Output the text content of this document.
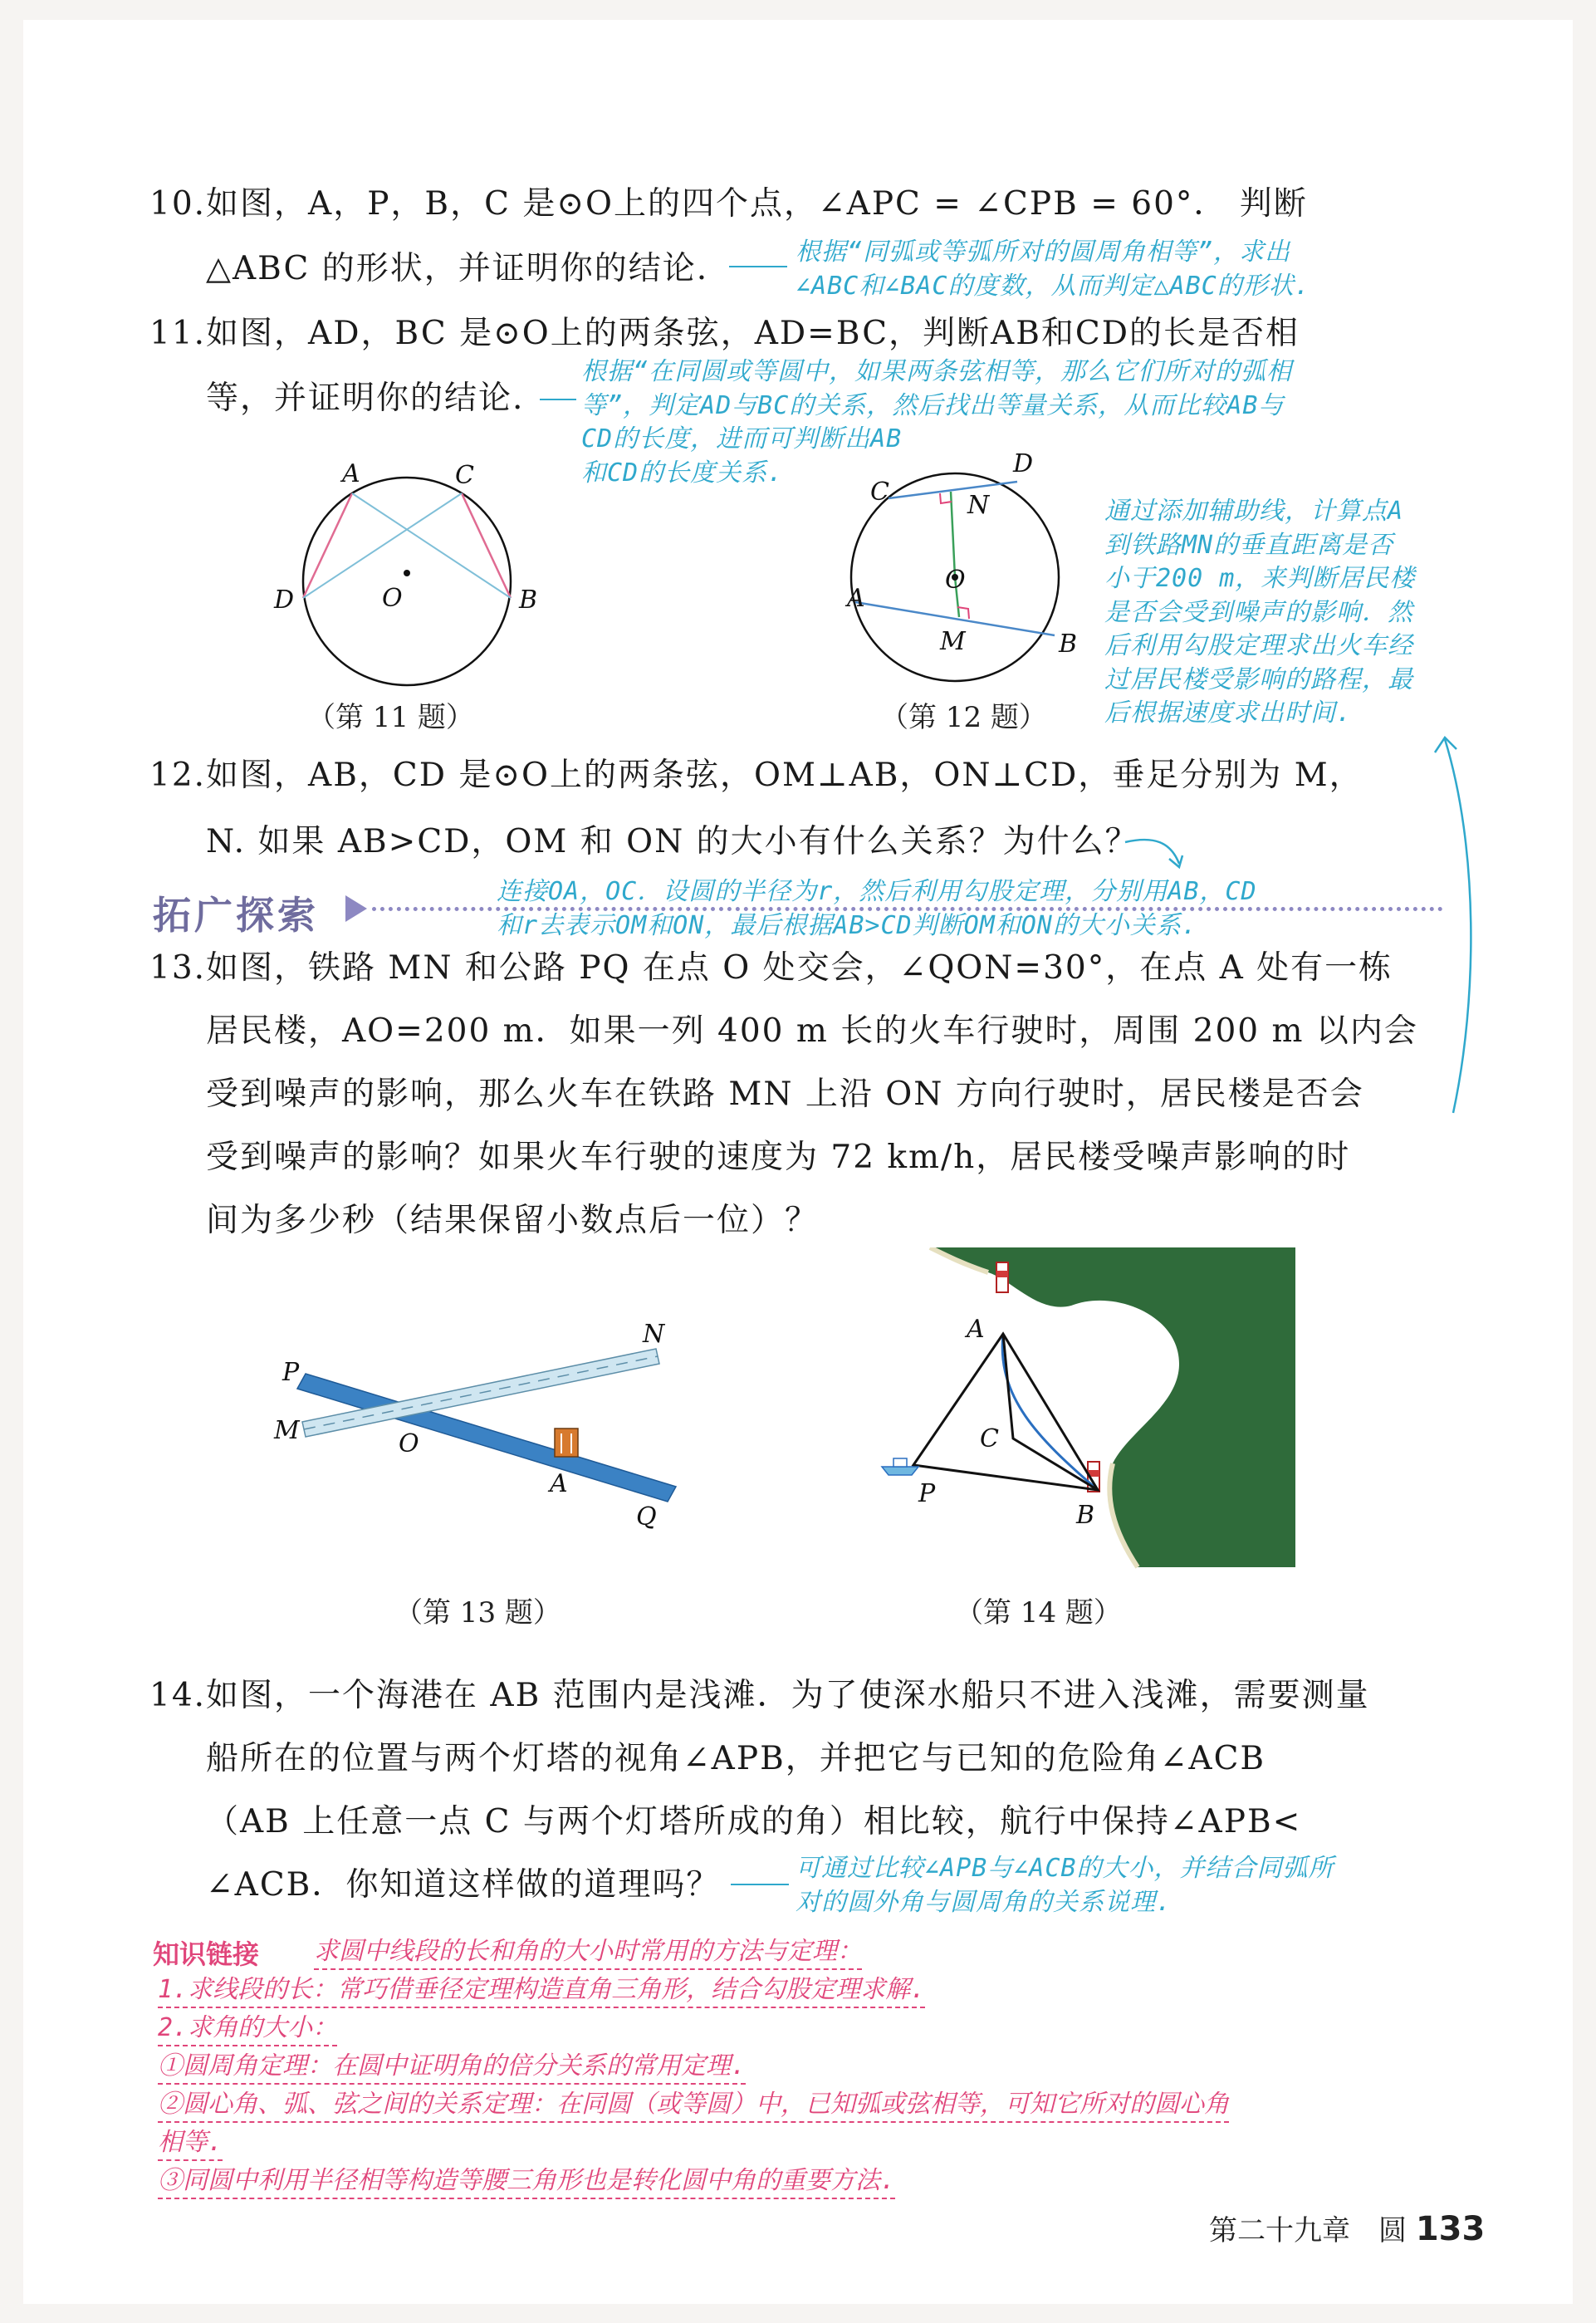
10.如图，A，P，B，C 是⊙O上的四个点，∠APC = ∠CPB = 60°． 判断
△ABC 的形状，并证明你的结论.	根据“同弧或等弧所对的圆周角相等”，求出
∠ABC和∠BAC的度数，从而判定△ABC的形状.
11.如图，AD，BC 是⊙O上的两条弦，AD=BC，判断AB和CD的长是否相
等，并证明你的结论.
根据“在同圆或等圆中，如果两条弦相等，那么它们所对的弧相
等”，判定AD与BC的关系，然后找出等量关系，从而比较AB与
CD的长度，进而可判断出AB
和CD的长度关系.
A	C
D	B
O
（第 11 题）
C
D
N
O
A
M	B
（第 12 题）
通过添加辅助线，计算点A
到铁路MN的垂直距离是否
小于200 m，来判断居民楼
是否会受到噪声的影响．然
后利用勾股定理求出火车经
过居民楼受影响的路程，最
后根据速度求出时间.
12.如图，AB，CD 是⊙O上的两条弦，OM⊥AB，ON⊥CD，垂足分别为 M，
N. 如果 AB>CD，OM 和 ON 的大小有什么关系？为什么？
拓广探索
连接OA，OC．设圆的半径为r，然后利用勾股定理，分别用AB，CD
和r去表示OM和ON，最后根据AB>CD判断OM和ON的大小关系.
13.如图，铁路 MN 和公路 PQ 在点 O 处交会，∠QON=30°，在点 A 处有一栋
居民楼，AO=200 m．如果一列 400 m 长的火车行驶时，周围 200 m 以内会
受到噪声的影响，那么火车在铁路 MN 上沿 ON 方向行驶时，居民楼是否会
受到噪声的影响？如果火车行驶的速度为 72 km/h，居民楼受噪声影响的时
间为多少秒（结果保留小数点后一位）？
P
M	O
N
A
Q
（第 13 题）
A
C
P
B
（第 14 题）
14.如图，一个海港在 AB 范围内是浅滩．为了使深水船只不进入浅滩，需要测量
船所在的位置与两个灯塔的视角∠APB，并把它与已知的危险角∠ACB
（AB 上任意一点 C 与两个灯塔所成的角）相比较，航行中保持∠APB<
∠ACB．你知道这样做的道理吗？	可通过比较∠APB与∠ACB的大小，并结合同弧所
对的圆外角与圆周角的关系说理.
知识链接 求圆中线段的长和角的大小时常用的方法与定理：
1.求线段的长：常巧借垂径定理构造直角三角形，结合勾股定理求解.
2.求角的大小：
①圆周角定理：在圆中证明角的倍分关系的常用定理.
②圆心角、弧、弦之间的关系定理：在同圆（或等圆）中，已知弧或弦相等，可知它所对的圆心角
相等.
③同圆中利用半径相等构造等腰三角形也是转化圆中角的重要方法.
第二十九章　圆 133
